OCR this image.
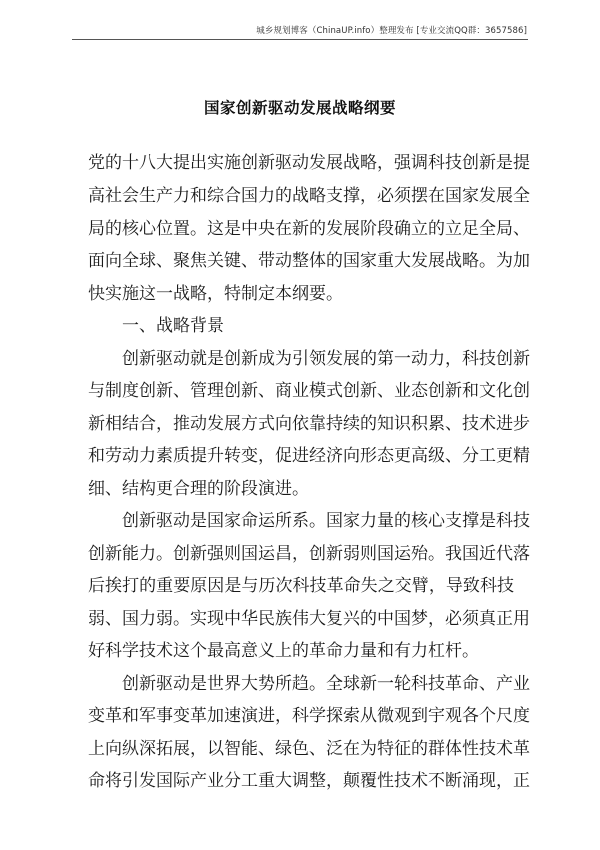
城乡规划博客（ChinaUP.info）整理发布 [专业交流QQ群：3657586]
国家创新驱动发展战略纲要
党的十八大提出实施创新驱动发展战略，强调科技创新是提
高社会生产力和综合国力的战略支撑，必须摆在国家发展全
局的核心位置。这是中央在新的发展阶段确立的立足全局、
面向全球、聚焦关键、带动整体的国家重大发展战略。为加
快实施这一战略，特制定本纲要。
一、战略背景
创新驱动就是创新成为引领发展的第一动力，科技创新
与制度创新、管理创新、商业模式创新、业态创新和文化创
新相结合，推动发展方式向依靠持续的知识积累、技术进步
和劳动力素质提升转变，促进经济向形态更高级、分工更精
细、结构更合理的阶段演进。
创新驱动是国家命运所系。国家力量的核心支撑是科技
创新能力。创新强则国运昌，创新弱则国运殆。我国近代落
后挨打的重要原因是与历次科技革命失之交臂，导致科技
弱、国力弱。实现中华民族伟大复兴的中国梦，必须真正用
好科学技术这个最高意义上的革命力量和有力杠杆。
创新驱动是世界大势所趋。全球新一轮科技革命、产业
变革和军事变革加速演进，科学探索从微观到宇观各个尺度
上向纵深拓展，以智能、绿色、泛在为特征的群体性技术革
命将引发国际产业分工重大调整，颠覆性技术不断涌现，正
